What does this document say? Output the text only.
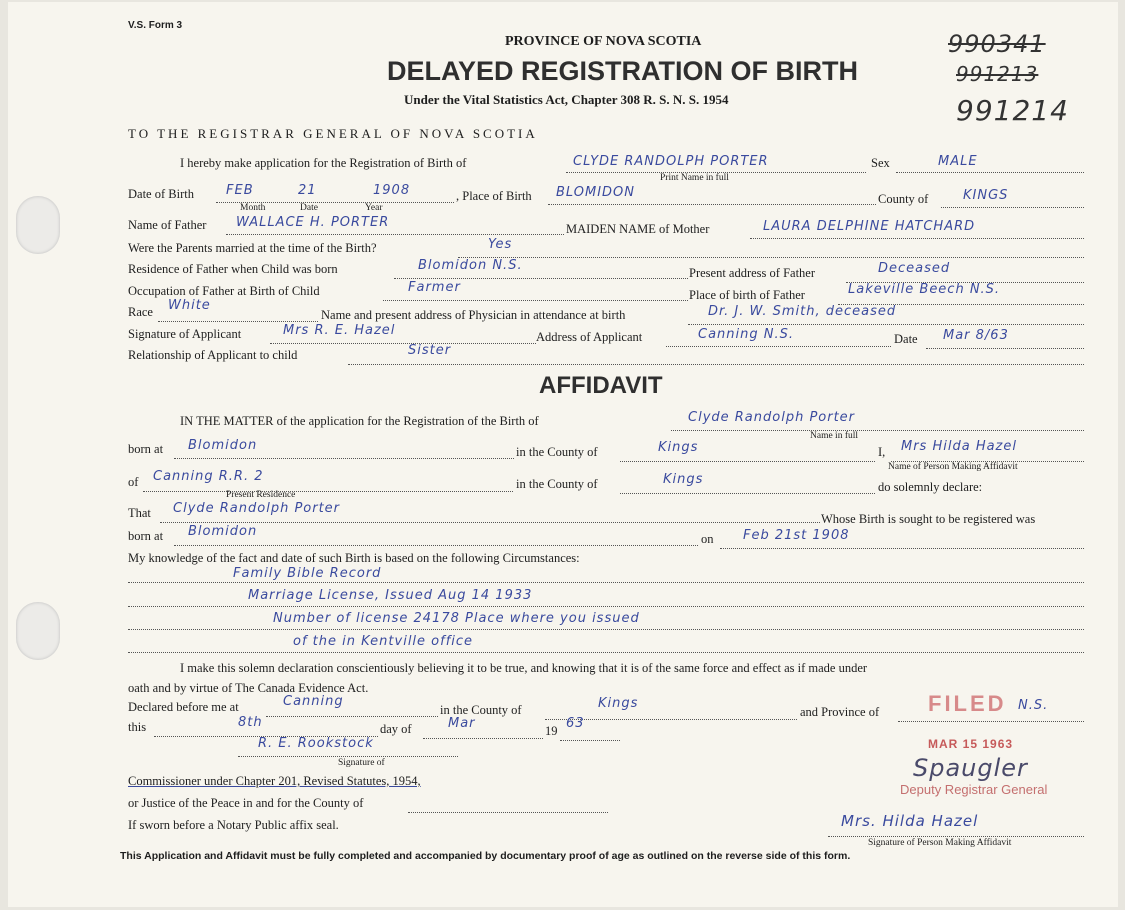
V.S. Form 3
PROVINCE OF NOVA SCOTIA
DELAYED REGISTRATION OF BIRTH
Under the Vital Statistics Act, Chapter 308 R. S. N. S. 1954
990341
991213
991214
TO THE REGISTRAR GENERAL OF NOVA SCOTIA
I hereby make application for the Registration of Birth of	CLYDE RANDOLPH PORTER
Print Name in full
Sex	MALE
Date of Birth FEB	21	1908
Month	Date	Year
, Place of Birth BLOMIDON	County of	KINGS
Name of Father WALLACE H. PORTER	MAIDEN NAME of Mother	LAURA DELPHINE HATCHARD
Were the Parents married at the time of the Birth?	Yes
Residence of Father when Child was born	Blomidon N.S.	Present address of Father	Deceased
Occupation of Father at Birth of Child	Farmer	Place of birth of Father	Lakeville Beech N.S.
Race White
Name and present address of Physician in attendance at birth	Dr. J. W. Smith, deceased
Signature of Applicant	Mrs R. E. Hazel	Address of Applicant	Canning N.S.	Date Mar 8/63
Relationship of Applicant to child	Sister
AFFIDAVIT
IN THE MATTER of the application for the Registration of the Birth of	Clyde Randolph Porter
Name in full
born at Blomidon	in the County of	Kings	I, Mrs Hilda Hazel
Name of Person Making Affidavit
of Canning R.R. 2
Present Residence
in the County of	Kings	do solemnly declare:
That Clyde Randolph Porter
Whose Birth is sought to be registered was
born at Blomidon	on Feb 21st 1908
My knowledge of the fact and date of such Birth is based on the following Circumstances:
Family Bible Record
Marriage License, Issued Aug 14 1933
Number of license 24178 Place where you issued
of the in Kentville office
I make this solemn declaration conscientiously believing it to be true, and knowing that it is of the same force and effect as if made under
oath and by virtue of The Canada Evidence Act.
Declared before me at	Canning
in the County of	Kings
and Province of	N.S.
this	8th	day of	Mar	19 63
R. E. Rookstock
Signature of
Commissioner under Chapter 201, Revised Statutes, 1954,
or Justice of the Peace in and for the County of
If sworn before a Notary Public affix seal.	Mrs. Hilda Hazel
Signature of Person Making Affidavit
FILED
MAR 15 1963
Spaugler
Deputy Registrar General
This Application and Affidavit must be fully completed and accompanied by documentary proof of age as outlined on the reverse side of this form.
